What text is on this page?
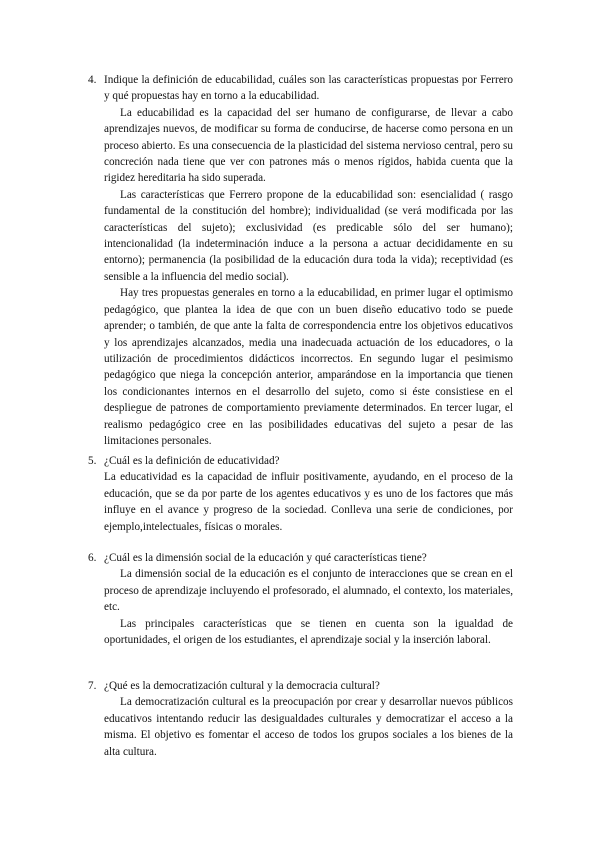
4. Indique la definición de educabilidad, cuáles son las características propuestas por Ferrero y qué propuestas hay en torno a la educabilidad.

La educabilidad es la capacidad del ser humano de configurarse, de llevar a cabo aprendizajes nuevos, de modificar su forma de conducirse, de hacerse como persona en un proceso abierto. Es una consecuencia de la plasticidad del sistema nervioso central, pero su concreción nada tiene que ver con patrones más o menos rígidos, habida cuenta que la rigidez hereditaria ha sido superada.

Las características que Ferrero propone de la educabilidad son: esencialidad ( rasgo fundamental de la constitución del hombre); individualidad (se verá modificada por las características del sujeto); exclusividad (es predicable sólo del ser humano); intencionalidad (la indeterminación induce a la persona a actuar decididamente en su entorno); permanencia (la posibilidad de la educación dura toda la vida); receptividad (es sensible a la influencia del medio social).

Hay tres propuestas generales en torno a la educabilidad, en primer lugar el optimismo pedagógico, que plantea la idea de que con un buen diseño educativo todo se puede aprender; o también, de que ante la falta de correspondencia entre los objetivos educativos y los aprendizajes alcanzados, media una inadecuada actuación de los educadores, o la utilización de procedimientos didácticos incorrectos. En segundo lugar el pesimismo pedagógico que niega la concepción anterior, amparándose en la importancia que tienen los condicionantes internos en el desarrollo del sujeto, como si éste consistiese en el despliegue de patrones de comportamiento previamente determinados. En tercer lugar, el realismo pedagógico cree en las posibilidades educativas del sujeto a pesar de las limitaciones personales.

5. ¿Cuál es la definición de educatividad?

La educatividad es la capacidad de influir positivamente, ayudando, en el proceso de la educación, que se da por parte de los agentes educativos y es uno de los factores que más influye en el avance y progreso de la sociedad. Conlleva una serie de condiciones, por ejemplo,intelectuales, físicas o morales.

6. ¿Cuál es la dimensión social de la educación y qué características tiene?

La dimensión social de la educación es el conjunto de interacciones que se crean en el proceso de aprendizaje incluyendo el profesorado, el alumnado, el contexto, los materiales, etc.

Las principales características que se tienen en cuenta son la igualdad de oportunidades, el origen de los estudiantes, el aprendizaje social y la inserción laboral.

7. ¿Qué es la democratización cultural y la democracia cultural?

La democratización cultural es la preocupación por crear y desarrollar nuevos públicos educativos intentando reducir las desigualdades culturales y democratizar el acceso a la misma. El objetivo es fomentar el acceso de todos los grupos sociales a los bienes de la alta cultura.
